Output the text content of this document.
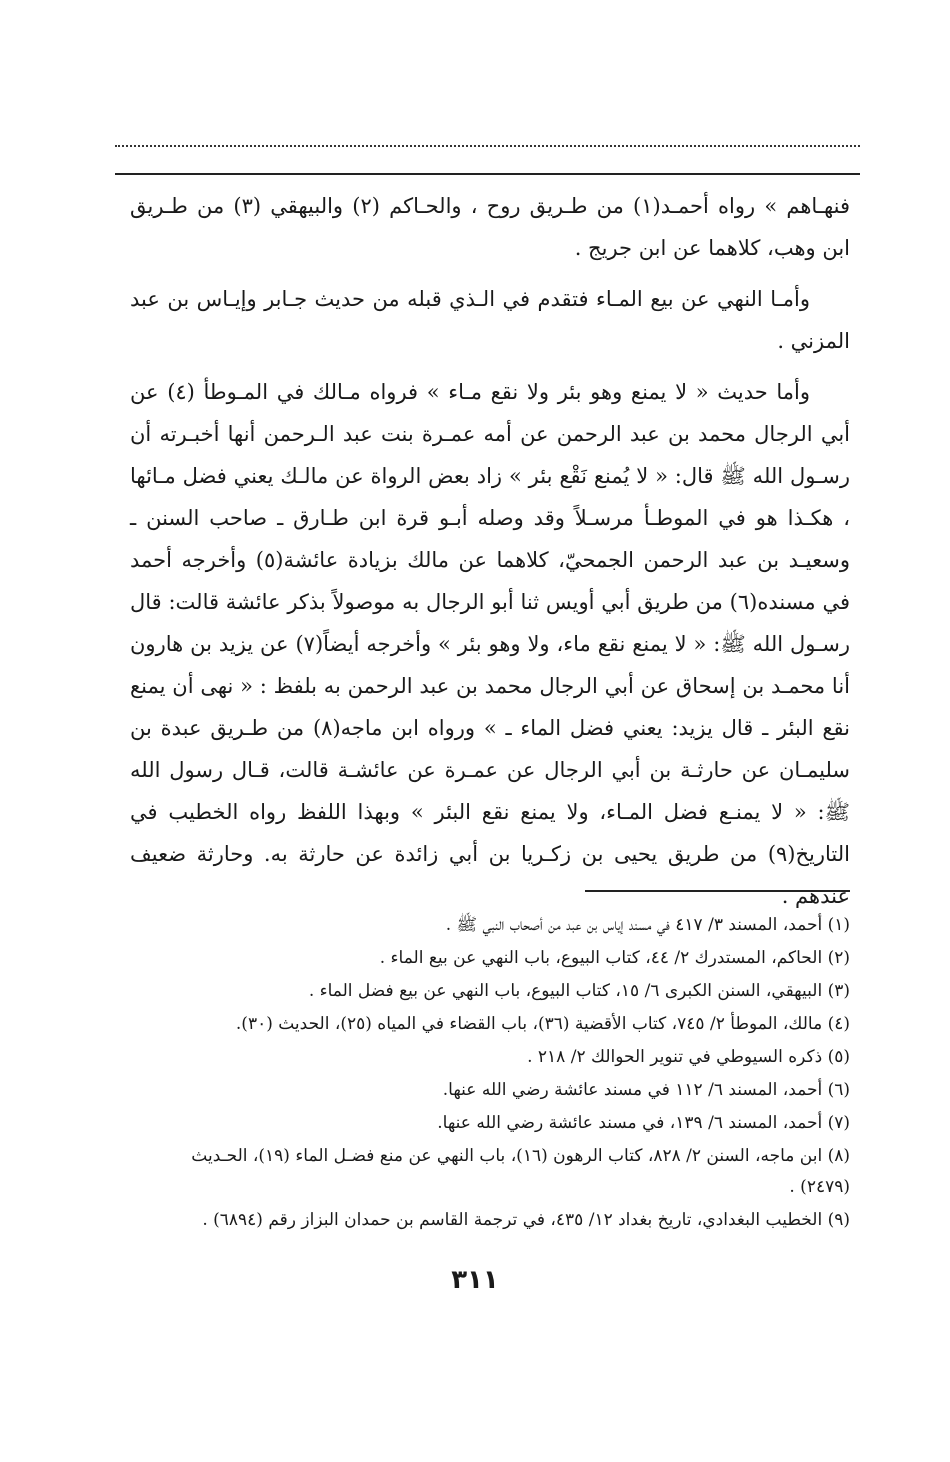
فنهـاهم » رواه أحمـد(١) من طـريق روح ، والحـاكم (٢) والبيهقي (٣) من طـريق ابن وهب، كلاهما عن ابن جريج .

وأمـا النهي عن بيع المـاء فتقدم في الـذي قبله من حديث جـابر وإيـاس بن عبد المزني .

وأما حديث « لا يمنع وهو بئر ولا نقع مـاء » فرواه مـالك في المـوطأ (٤) عن أبي الرجال محمد بن عبد الرحمن عن أمه عمـرة بنت عبد الـرحمن أنها أخبـرته أن رسـول الله ﷺ قال: « لا يُمنع نَقْع بئر » زاد بعض الرواة عن مالـك يعني فضل مـائها ، هكـذا هو في الموطـأ مرسـلاً وقد وصله أبـو قرة ابن طـارق ـ صاحب السنن ـ وسعيـد بن عبد الرحمن الجمحيّ، كلاهما عن مالك بزيادة عائشة(٥) وأخرجه أحمد في مسنده(٦) من طريق أبي أويس ثنا أبو الرجال به موصولاً بذكر عائشة قالت: قال رسـول الله ﷺ: « لا يمنع نقع ماء، ولا وهو بئر » وأخرجه أيضاً(٧) عن يزيد بن هارون أنا محمـد بن إسحاق عن أبي الرجال محمد بن عبد الرحمن به بلفظ : « نهى أن يمنع نقع البئر ـ قال يزيد: يعني فضل الماء ـ » ورواه ابن ماجه(٨) من طـريق عبدة بن سليمـان عن حارثـة بن أبي الرجال عن عمـرة عن عائشـة قالت، قـال رسول الله ﷺ: « لا يمنـع فضل المـاء، ولا يمنع نقع البئر » وبهذا اللفظ رواه الخطيب في التاريخ(٩) من طريق يحيى بن زكـريا بن أبي زائدة عن حارثة به. وحارثة ضعيف عندهم .

(١) أحمد، المسند ٣/ ٤١٧ في مسند إياس بن عبد من أصحاب النبي ﷺ .
(٢) الحاكم، المستدرك ٢/ ٤٤، كتاب البيوع، باب النهي عن بيع الماء .
(٣) البيهقي، السنن الكبرى ٦/ ١٥، كتاب البيوع، باب النهي عن بيع فضل الماء .
(٤) مالك، الموطأ ٢/ ٧٤٥، كتاب الأقضية (٣٦)، باب القضاء في المياه (٢٥)، الحديث (٣٠).
(٥) ذكره السيوطي في تنوير الحوالك ٢/ ٢١٨ .
(٦) أحمد، المسند ٦/ ١١٢ في مسند عائشة رضي الله عنها.
(٧) أحمد، المسند ٦/ ١٣٩، في مسند عائشة رضي الله عنها.
(٨) ابن ماجه، السنن ٢/ ٨٢٨، كتاب الرهون (١٦)، باب النهي عن منع فضـل الماء (١٩)، الحـديث (٢٤٧٩) .
(٩) الخطيب البغدادي، تاريخ بغداد ١٢/ ٤٣٥، في ترجمة القاسم بن حمدان البزاز رقم (٦٨٩٤) .
٣١١
